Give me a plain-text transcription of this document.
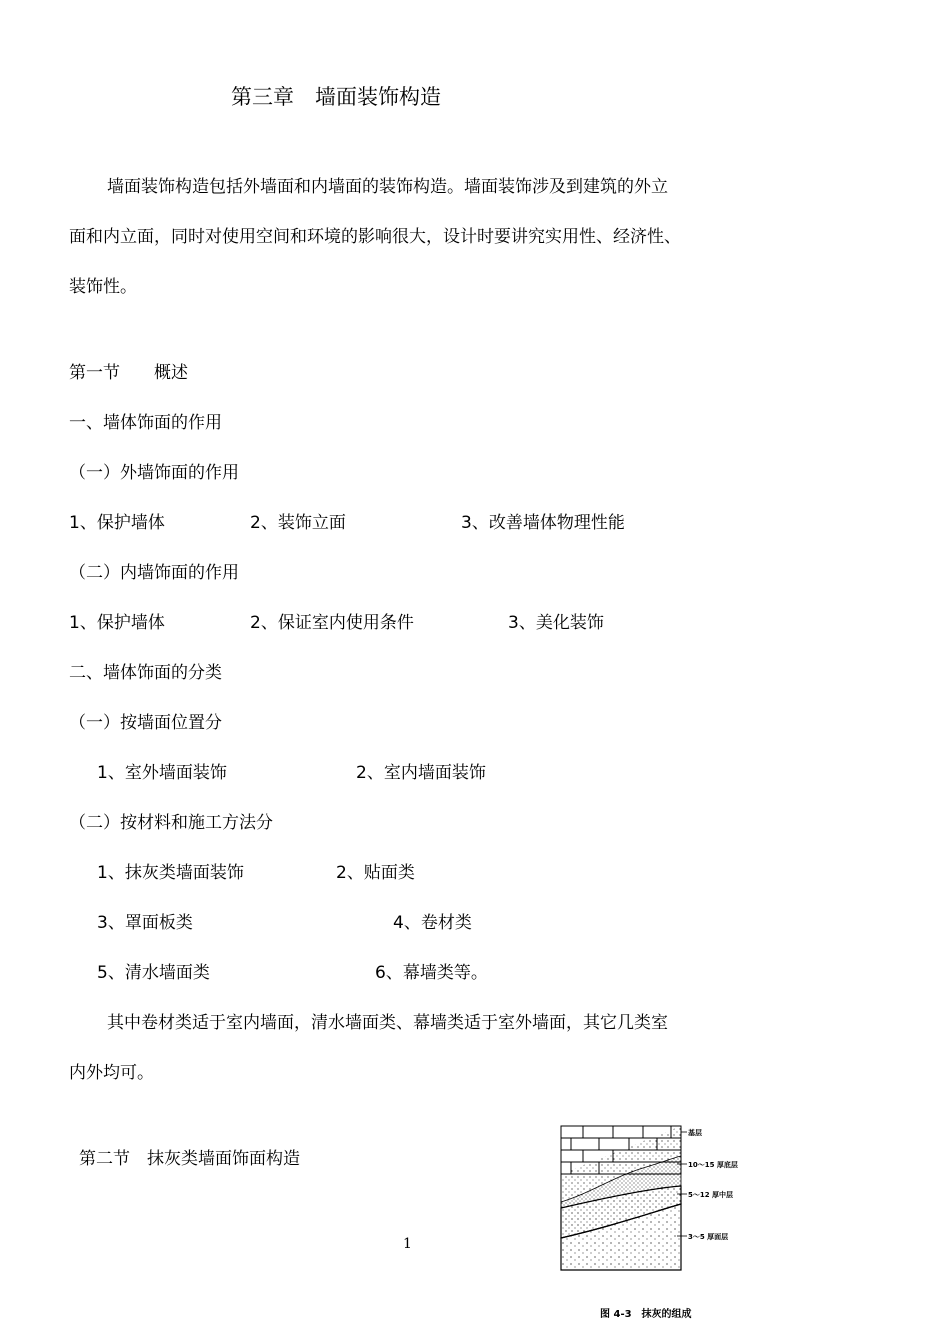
第三章　墙面装饰构造
墙面装饰构造包括外墙面和内墙面的装饰构造。墙面装饰涉及到建筑的外立
面和内立面，同时对使用空间和环境的影响很大，设计时要讲究实用性、经济性、
装饰性。
第一节　　概述
一、墙体饰面的作用
（一）外墙饰面的作用
1、保护墙体	2、装饰立面	3、改善墙体物理性能
（二）内墙饰面的作用
1、保护墙体	2、保证室内使用条件	3、美化装饰
二、墙体饰面的分类
（一）按墙面位置分
1、室外墙面装饰	2、室内墙面装饰
（二）按材料和施工方法分
1、抹灰类墙面装饰	2、贴面类
3、罩面板类	4、卷材类
5、清水墙面类	6、幕墙类等。
其中卷材类适于室内墙面，清水墙面类、幕墙类适于室外墙面，其它几类室
内外均可。
第二节　抹灰类墙面饰面构造
1
基层
10～15 厚底层
5～12 厚中层
3～5 厚面层
图 4-3　抹灰的组成
